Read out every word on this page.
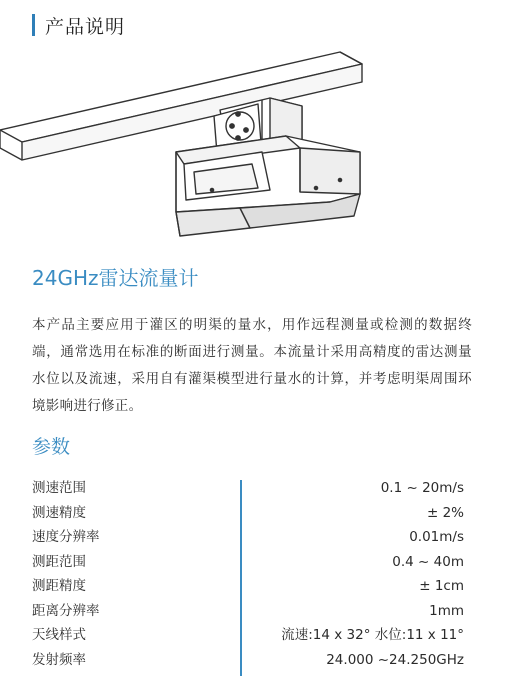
产品说明
24GHz雷达流量计
本产品主要应用于灌区的明渠的量水，用作远程测量或检测的数据终端，通常选用在标准的断面进行测量。本流量计采用高精度的雷达测量水位以及流速，采用自有灌渠模型进行量水的计算，并考虑明渠周围环境影响进行修正。
参数
测速范围	0.1 ~ 20m/s
测速精度	± 2%
速度分辨率	0.01m/s
测距范围	0.4 ~ 40m
测距精度	± 1cm
距离分辨率	1mm
天线样式	流速:14 x 32° 水位:11 x 11°
发射频率	24.000 ~24.250GHz
